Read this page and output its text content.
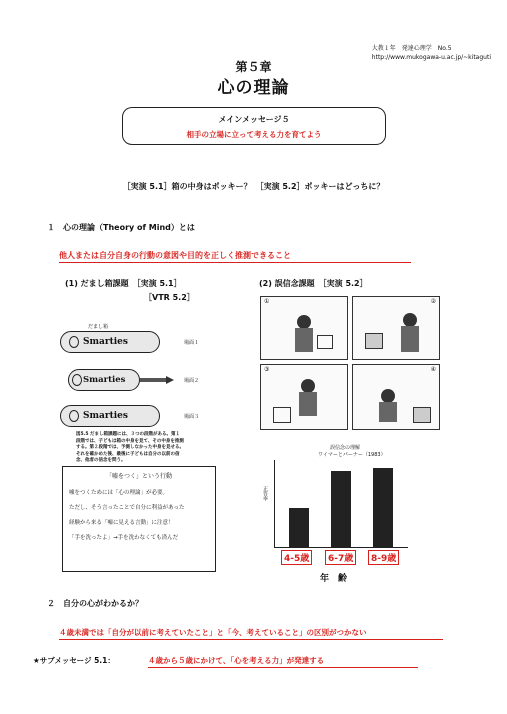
大教１年　発達心理学　No.5
http://www.mukogawa-u.ac.jp/~kitaguti
第５章
心の理論
メインメッセージ５
相手の立場に立って考える力を育てよう
［実演 5.1］箱の中身はポッキー？　［実演 5.2］ポッキーはどっちに？
１　心の理論（Theory of Mind）とは
他人または自分自身の行動の意図や目的を正しく推測できること
(1) だまし箱課題　［実演 5.1］
［VTR 5.2］
(2) 誤信念課題　［実演 5.2］
だまし箱
Smarties	場面１
Smarties	場面２
Smarties	場面３
図5.5 だまし箱課題には、３つの段階がある。第１段階では、子どもは箱の中身を見て、その中身を推測する。第２段階では、予測しなかった中身を見せる。それを確かめた後、最後に子どもは自分の以前の信念、他者の信念を問う。
「嘘をつく」という行動
嘘をつくためには「心の理論」が必要。
ただし、そう言ったことで自分に利益があった
経験から来る「嘘に見える言動」に注意！
「手を洗ったよ」→手を洗わなくても済んだ
①	②
③	④
誤信念の理解
ワイマーとパーナー（1983）
正答率
4-5歳	6-7歳	8-9歳
年　齢
２　自分の心がわかるか？
４歳未満では「自分が以前に考えていたこと」と「今、考えていること」の区別がつかない
★サブメッセージ 5.1：	４歳から５歳にかけて、「心を考える力」が発達する
